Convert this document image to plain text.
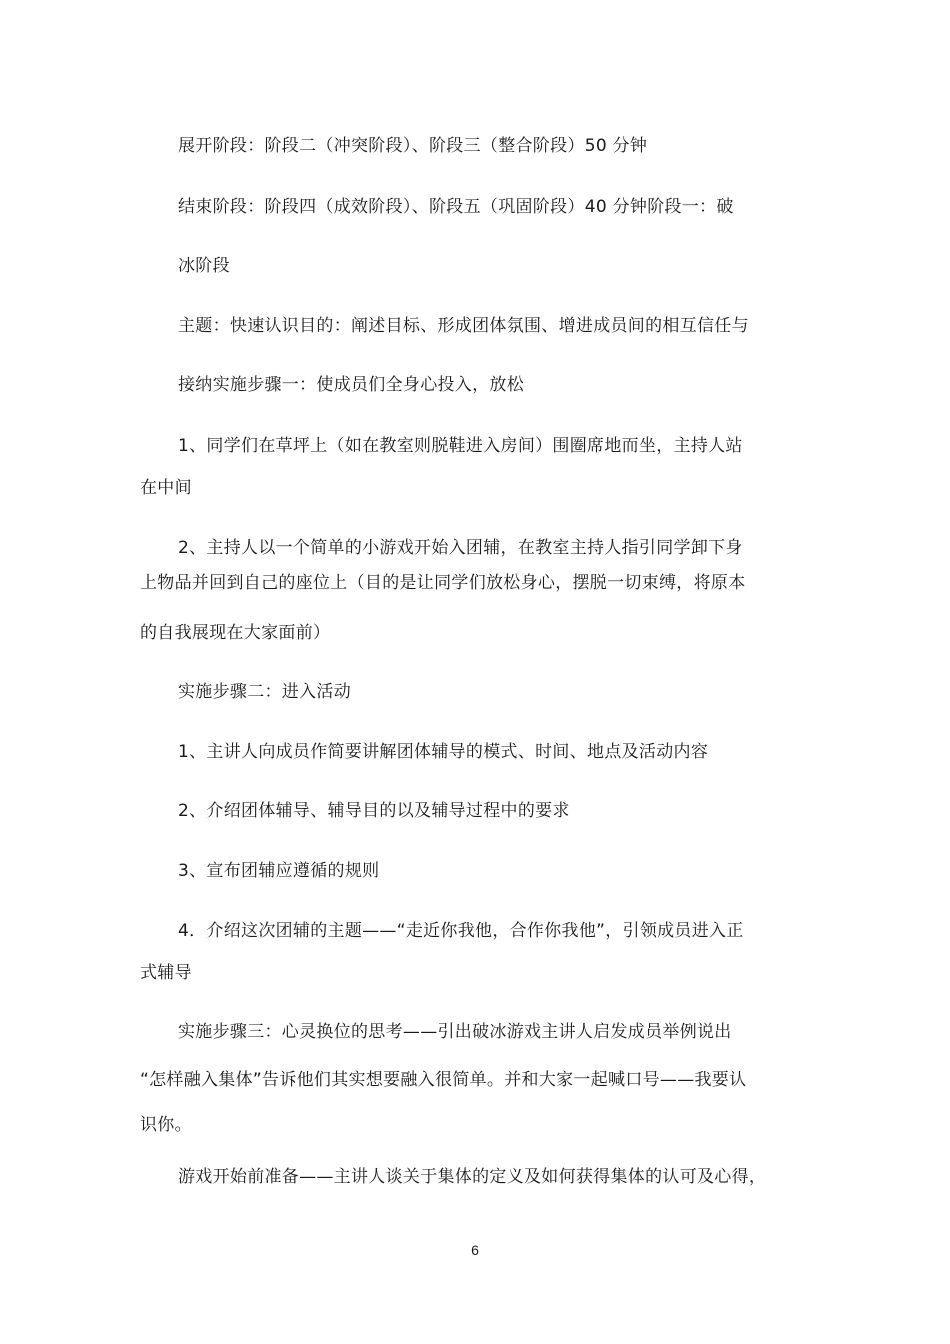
展开阶段：阶段二（冲突阶段）、阶段三（整合阶段）50 分钟
结束阶段：阶段四（成效阶段）、阶段五（巩固阶段）40 分钟阶段一：破
冰阶段
主题：快速认识目的：阐述目标、形成团体氛围、增进成员间的相互信任与
接纳实施步骤一：使成员们全身心投入，放松
1、同学们在草坪上（如在教室则脱鞋进入房间）围圈席地而坐，主持人站
在中间
2、主持人以一个简单的小游戏开始入团辅，在教室主持人指引同学卸下身
上物品并回到自己的座位上（目的是让同学们放松身心，摆脱一切束缚，将原本
的自我展现在大家面前）
实施步骤二：进入活动
1、主讲人向成员作简要讲解团体辅导的模式、时间、地点及活动内容
2、介绍团体辅导、辅导目的以及辅导过程中的要求
3、宣布团辅应遵循的规则
4．介绍这次团辅的主题——“走近你我他，合作你我他”，引领成员进入正
式辅导
实施步骤三：心灵换位的思考——引出破冰游戏主讲人启发成员举例说出
“怎样融入集体”告诉他们其实想要融入很简单。并和大家一起喊口号——我要认
识你。
游戏开始前准备——主讲人谈关于集体的定义及如何获得集体的认可及心得，
6
